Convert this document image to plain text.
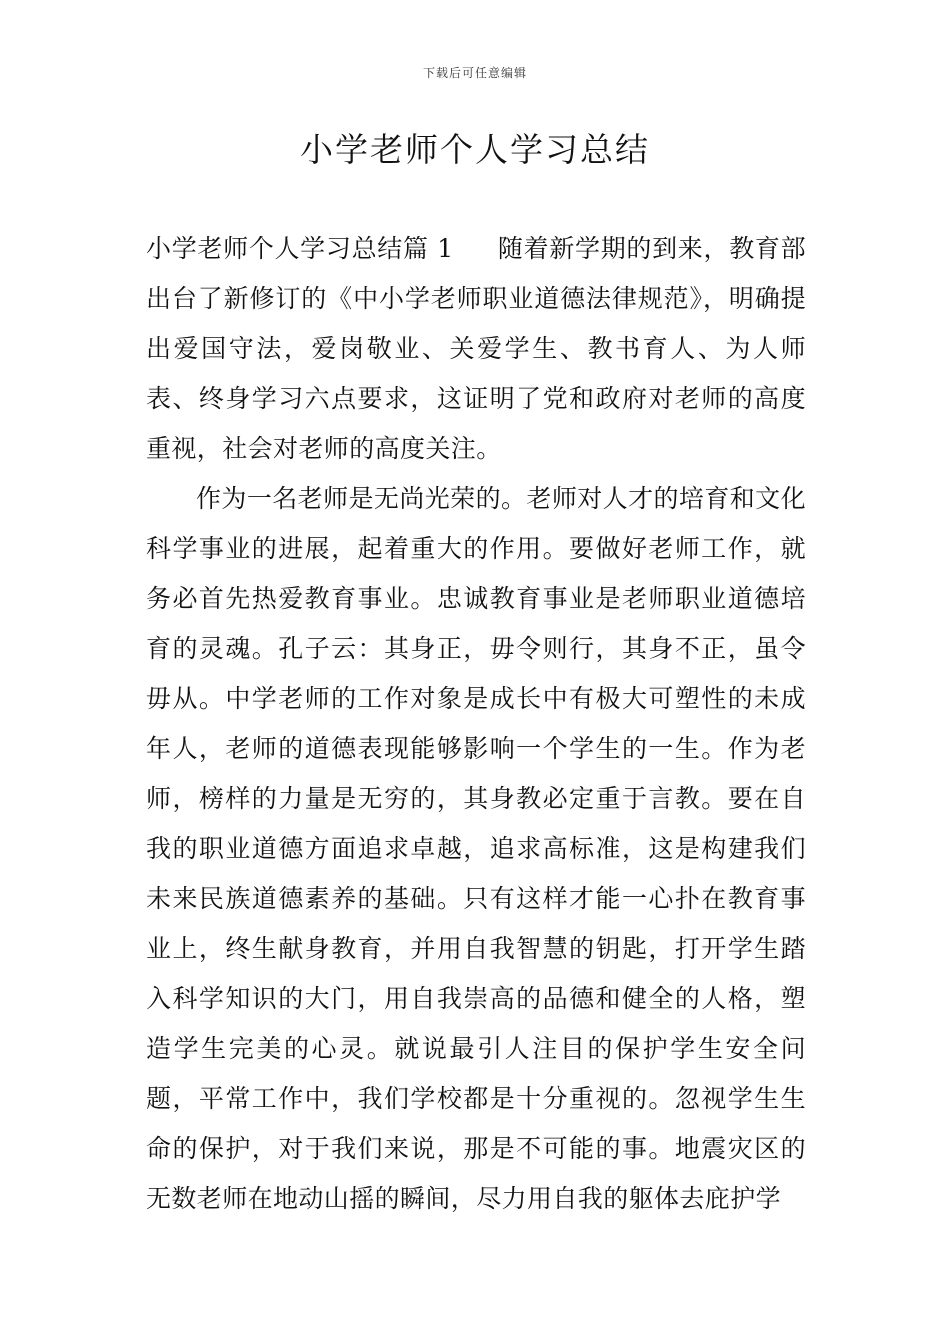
下载后可任意编辑
小学老师个人学习总结

小学老师个人学习总结篇 1 随着新学期的到来，教育部出台了新修订的《中小学老师职业道德法律规范》，明确提出爱国守法，爱岗敬业、关爱学生、教书育人、为人师表、终身学习六点要求，这证明了党和政府对老师的高度重视，社会对老师的高度关注。

作为一名老师是无尚光荣的。老师对人才的培育和文化科学事业的进展，起着重大的作用。要做好老师工作，就务必首先热爱教育事业。忠诚教育事业是老师职业道德培育的灵魂。孔子云：其身正，毋令则行，其身不正，虽令毋从。中学老师的工作对象是成长中有极大可塑性的未成年人，老师的道德表现能够影响一个学生的一生。作为老师，榜样的力量是无穷的，其身教必定重于言教。要在自我的职业道德方面追求卓越，追求高标准，这是构建我们未来民族道德素养的基础。只有这样才能一心扑在教育事业上，终生献身教育，并用自我智慧的钥匙，打开学生踏入科学知识的大门，用自我崇高的品德和健全的人格，塑造学生完美的心灵。就说最引人注目的保护学生安全问题，平常工作中，我们学校都是十分重视的。忽视学生生命的保护，对于我们来说，那是不可能的事。地震灾区的无数老师在地动山摇的瞬间，尽力用自我的躯体去庇护学
